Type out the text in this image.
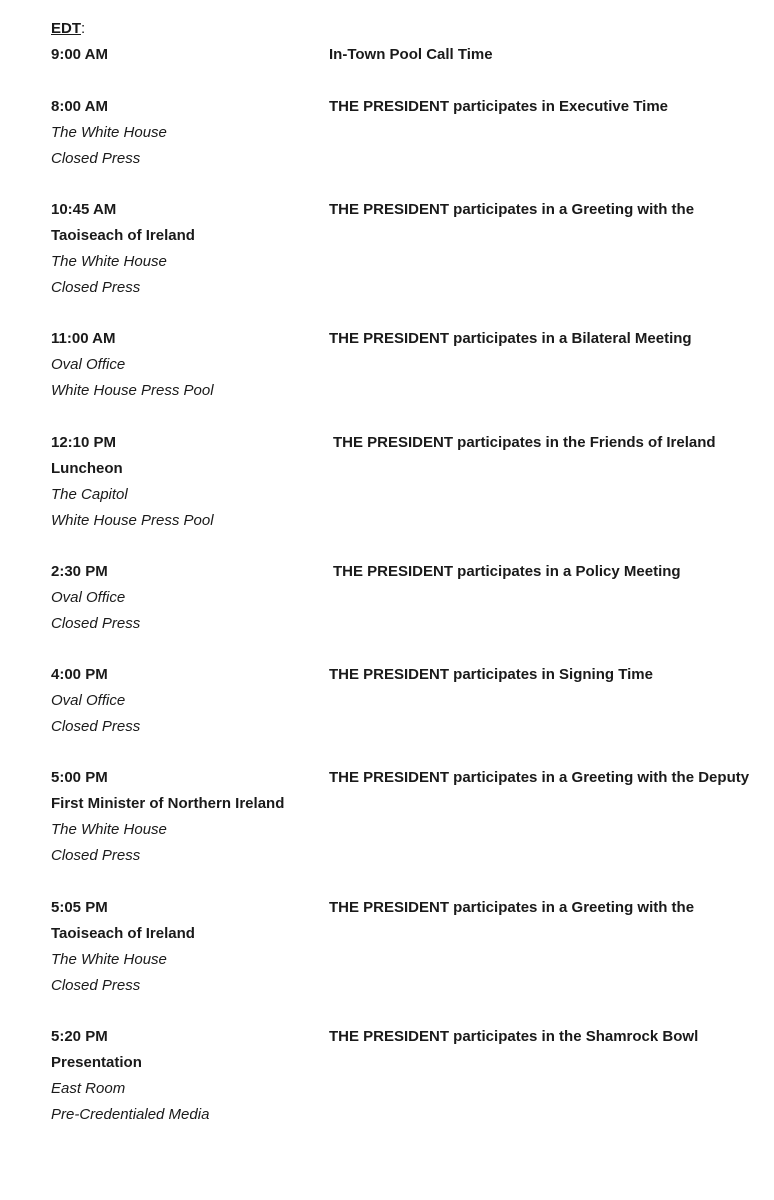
EDT:
9:00 AM	In-Town Pool Call Time
8:00 AM	THE PRESIDENT participates in Executive Time
The White House
Closed Press
10:45 AM	THE PRESIDENT participates in a Greeting with the
Taoiseach of Ireland
The White House
Closed Press
11:00 AM	THE PRESIDENT participates in a Bilateral Meeting
Oval Office
White House Press Pool
12:10 PM	THE PRESIDENT participates in the Friends of Ireland
Luncheon
The Capitol
White House Press Pool
2:30 PM	THE PRESIDENT participates in a Policy Meeting
Oval Office
Closed Press
4:00 PM	THE PRESIDENT participates in Signing Time
Oval Office
Closed Press
5:00 PM	THE PRESIDENT participates in a Greeting with the Deputy
First Minister of Northern Ireland
The White House
Closed Press
5:05 PM	THE PRESIDENT participates in a Greeting with the
Taoiseach of Ireland
The White House
Closed Press
5:20 PM	THE PRESIDENT participates in the Shamrock Bowl
Presentation
East Room
Pre-Credentialed Media
